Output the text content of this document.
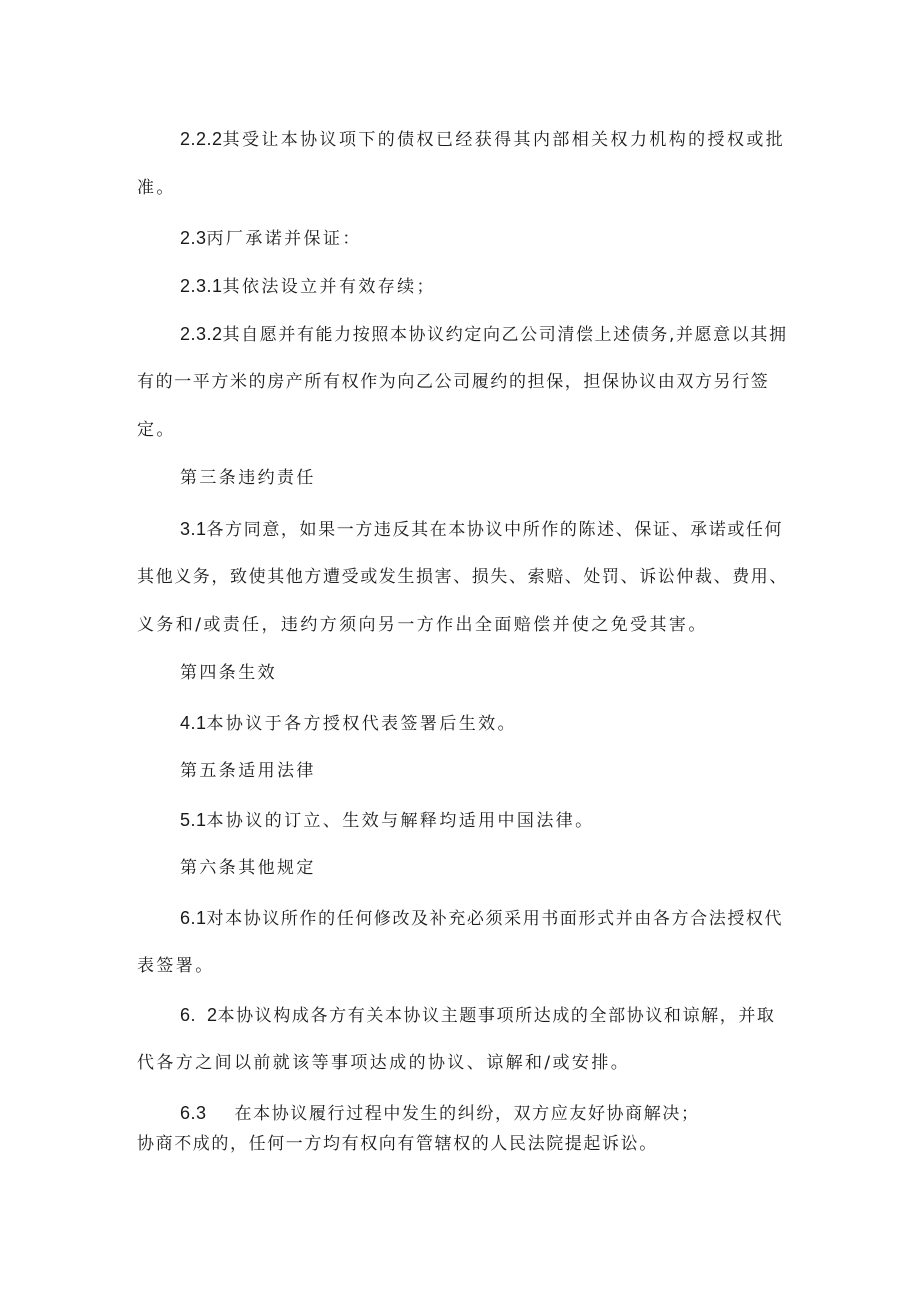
2.2.2其受让本协议项下的债权已经获得其内部相关权力机构的授权或批
准。
2.3丙厂承诺并保证：
2.3.1其依法设立并有效存续；
2.3.2其自愿并有能力按照本协议约定向乙公司清偿上述债务,并愿意以其拥
有的一平方米的房产所有权作为向乙公司履约的担保，担保协议由双方另行签
定。
第三条违约责任
3.1各方同意，如果一方违反其在本协议中所作的陈述、保证、承诺或任何
其他义务，致使其他方遭受或发生损害、损失、索赔、处罚、诉讼仲裁、费用、
义务和/或责任，违约方须向另一方作出全面赔偿并使之免受其害。
第四条生效
4.1本协议于各方授权代表签署后生效。
第五条适用法律
5.1本协议的订立、生效与解释均适用中国法律。
第六条其他规定
6.1对本协议所作的任何修改及补充必须采用书面形式并由各方合法授权代
表签署。
6.  2本协议构成各方有关本协议主题事项所达成的全部协议和谅解，并取
代各方之间以前就该等事项达成的协议、谅解和/或安排。
6.3    在本协议履行过程中发生的纠纷，双方应友好协商解决；
协商不成的，任何一方均有权向有管辖权的人民法院提起诉讼。
